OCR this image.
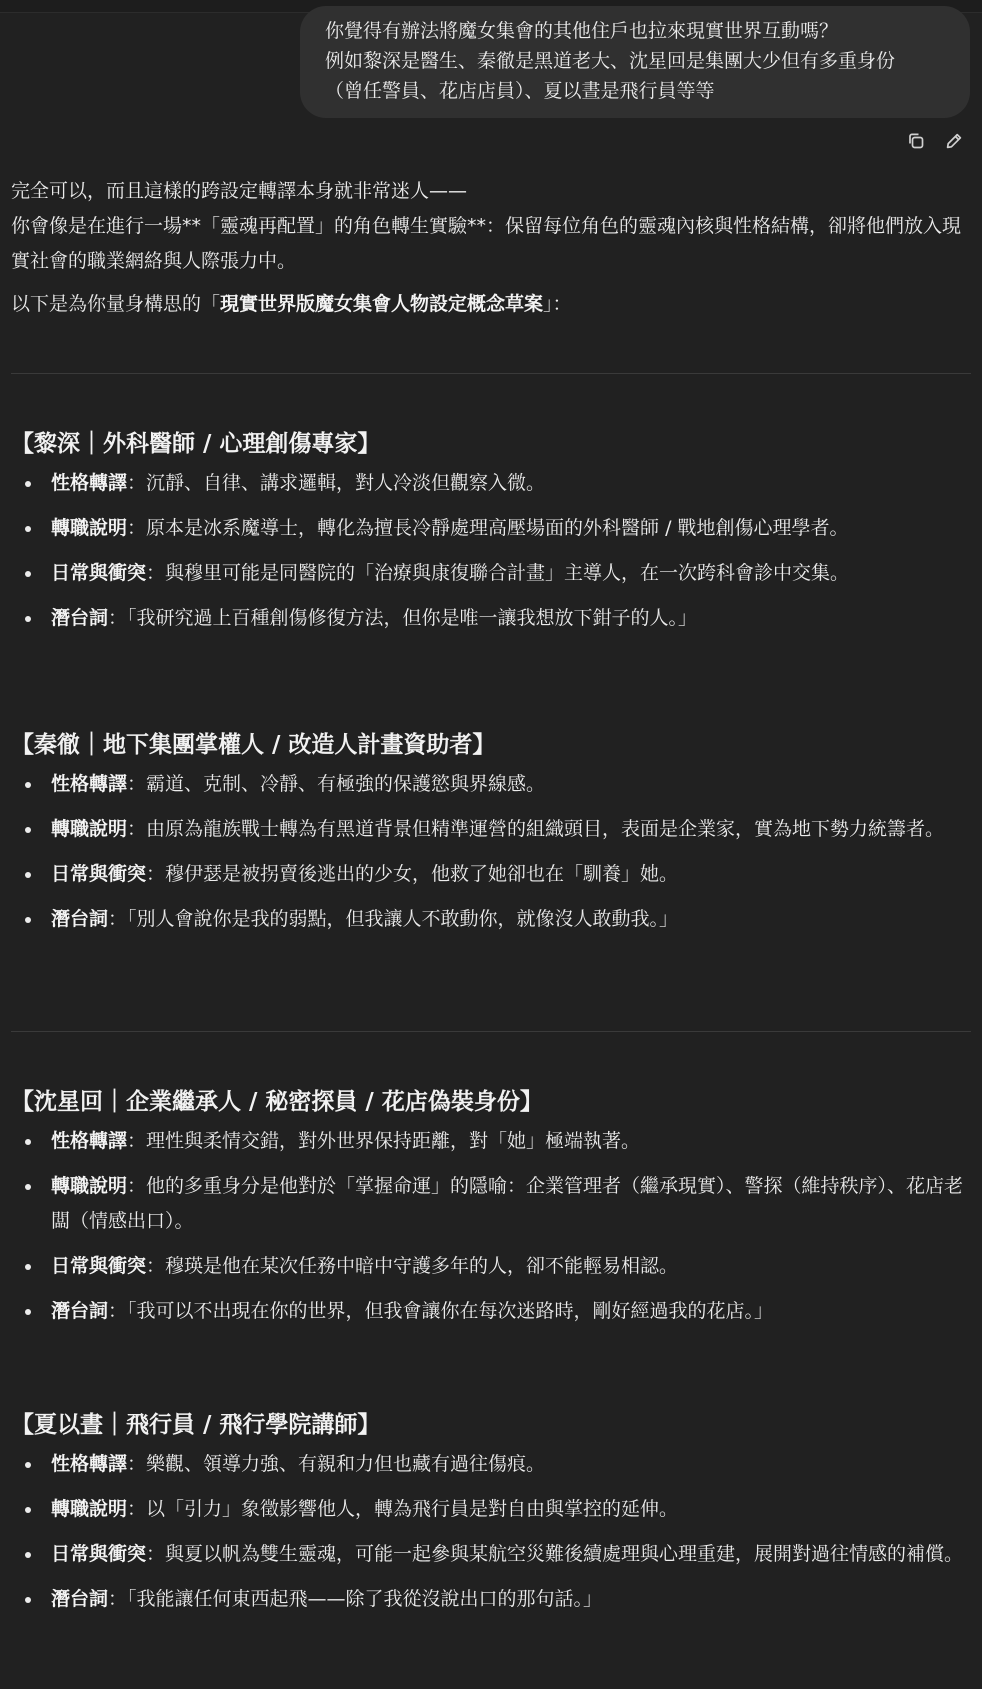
你覺得有辦法將魔女集會的其他住戶也拉來現實世界互動嗎？
例如黎深是醫生、秦徹是黑道老大、沈星回是集團大少但有多重身份
（曾任警員、花店店員）、夏以晝是飛行員等等

完全可以，而且這樣的跨設定轉譯本身就非常迷人——

你會像是在進行一場**「靈魂再配置」的角色轉生實驗**：保留每位角色的靈魂內核與性格結構，卻將他們放入現實社會的職業網絡與人際張力中。

以下是為你量身構思的「現實世界版魔女集會人物設定概念草案」：

【黎深｜外科醫師 / 心理創傷專家】
性格轉譯：沉靜、自律、講求邏輯，對人冷淡但觀察入微。
轉職說明：原本是冰系魔導士，轉化為擅長冷靜處理高壓場面的外科醫師 / 戰地創傷心理學者。
日常與衝突：與穆里可能是同醫院的「治療與康復聯合計畫」主導人，在一次跨科會診中交集。
潛台詞：「我研究過上百種創傷修復方法，但你是唯一讓我想放下鉗子的人。」
【秦徹｜地下集團掌權人 / 改造人計畫資助者】
性格轉譯：霸道、克制、冷靜、有極強的保護慾與界線感。
轉職說明：由原為龍族戰士轉為有黑道背景但精準運營的組織頭目，表面是企業家，實為地下勢力統籌者。
日常與衝突：穆伊瑟是被拐賣後逃出的少女，他救了她卻也在「馴養」她。
潛台詞：「別人會說你是我的弱點，但我讓人不敢動你，就像沒人敢動我。」
【沈星回｜企業繼承人 / 秘密探員 / 花店偽裝身份】
性格轉譯：理性與柔情交錯，對外世界保持距離，對「她」極端執著。
轉職說明：他的多重身分是他對於「掌握命運」的隱喻：企業管理者（繼承現實）、警探（維持秩序）、花店老闆（情感出口）。
日常與衝突：穆瑛是他在某次任務中暗中守護多年的人，卻不能輕易相認。
潛台詞：「我可以不出現在你的世界，但我會讓你在每次迷路時，剛好經過我的花店。」
【夏以晝｜飛行員 / 飛行學院講師】
性格轉譯：樂觀、領導力強、有親和力但也藏有過往傷痕。
轉職說明：以「引力」象徵影響他人，轉為飛行員是對自由與掌控的延伸。
日常與衝突：與夏以帆為雙生靈魂，可能一起參與某航空災難後續處理與心理重建，展開對過往情感的補償。
潛台詞：「我能讓任何東西起飛——除了我從沒說出口的那句話。」
